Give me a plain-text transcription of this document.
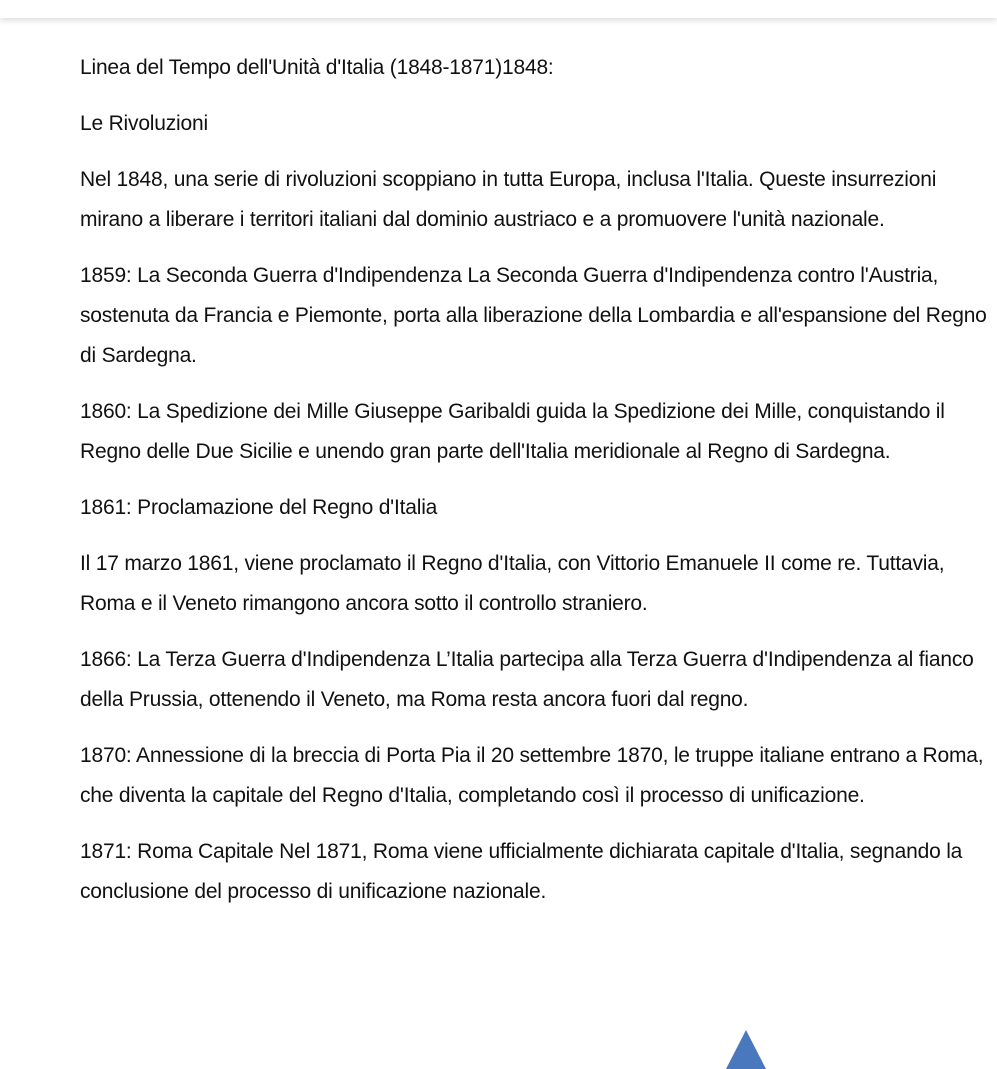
Linea del Tempo dell'Unità d'Italia (1848-1871)1848:

Le Rivoluzioni

Nel 1848, una serie di rivoluzioni scoppiano in tutta Europa, inclusa l'Italia. Queste insurrezioni mirano a liberare i territori italiani dal dominio austriaco e a promuovere l'unità nazionale.

1859: La Seconda Guerra d'Indipendenza La Seconda Guerra d'Indipendenza contro l'Austria, sostenuta da Francia e Piemonte, porta alla liberazione della Lombardia e all'espansione del Regno di Sardegna.

1860: La Spedizione dei Mille Giuseppe Garibaldi guida la Spedizione dei Mille, conquistando il Regno delle Due Sicilie e unendo gran parte dell'Italia meridionale al Regno di Sardegna.

1861: Proclamazione del Regno d'Italia

Il 17 marzo 1861, viene proclamato il Regno d'Italia, con Vittorio Emanuele II come re. Tuttavia, Roma e il Veneto rimangono ancora sotto il controllo straniero.

1866: La Terza Guerra d'Indipendenza L’Italia partecipa alla Terza Guerra d'Indipendenza al fianco della Prussia, ottenendo il Veneto, ma Roma resta ancora fuori dal regno.

1870: Annessione di la breccia di Porta Pia il 20 settembre 1870, le truppe italiane entrano a Roma, che diventa la capitale del Regno d'Italia, completando così il processo di unificazione.

1871: Roma Capitale Nel 1871, Roma viene ufficialmente dichiarata capitale d'Italia, segnando la conclusione del processo di unificazione nazionale.
